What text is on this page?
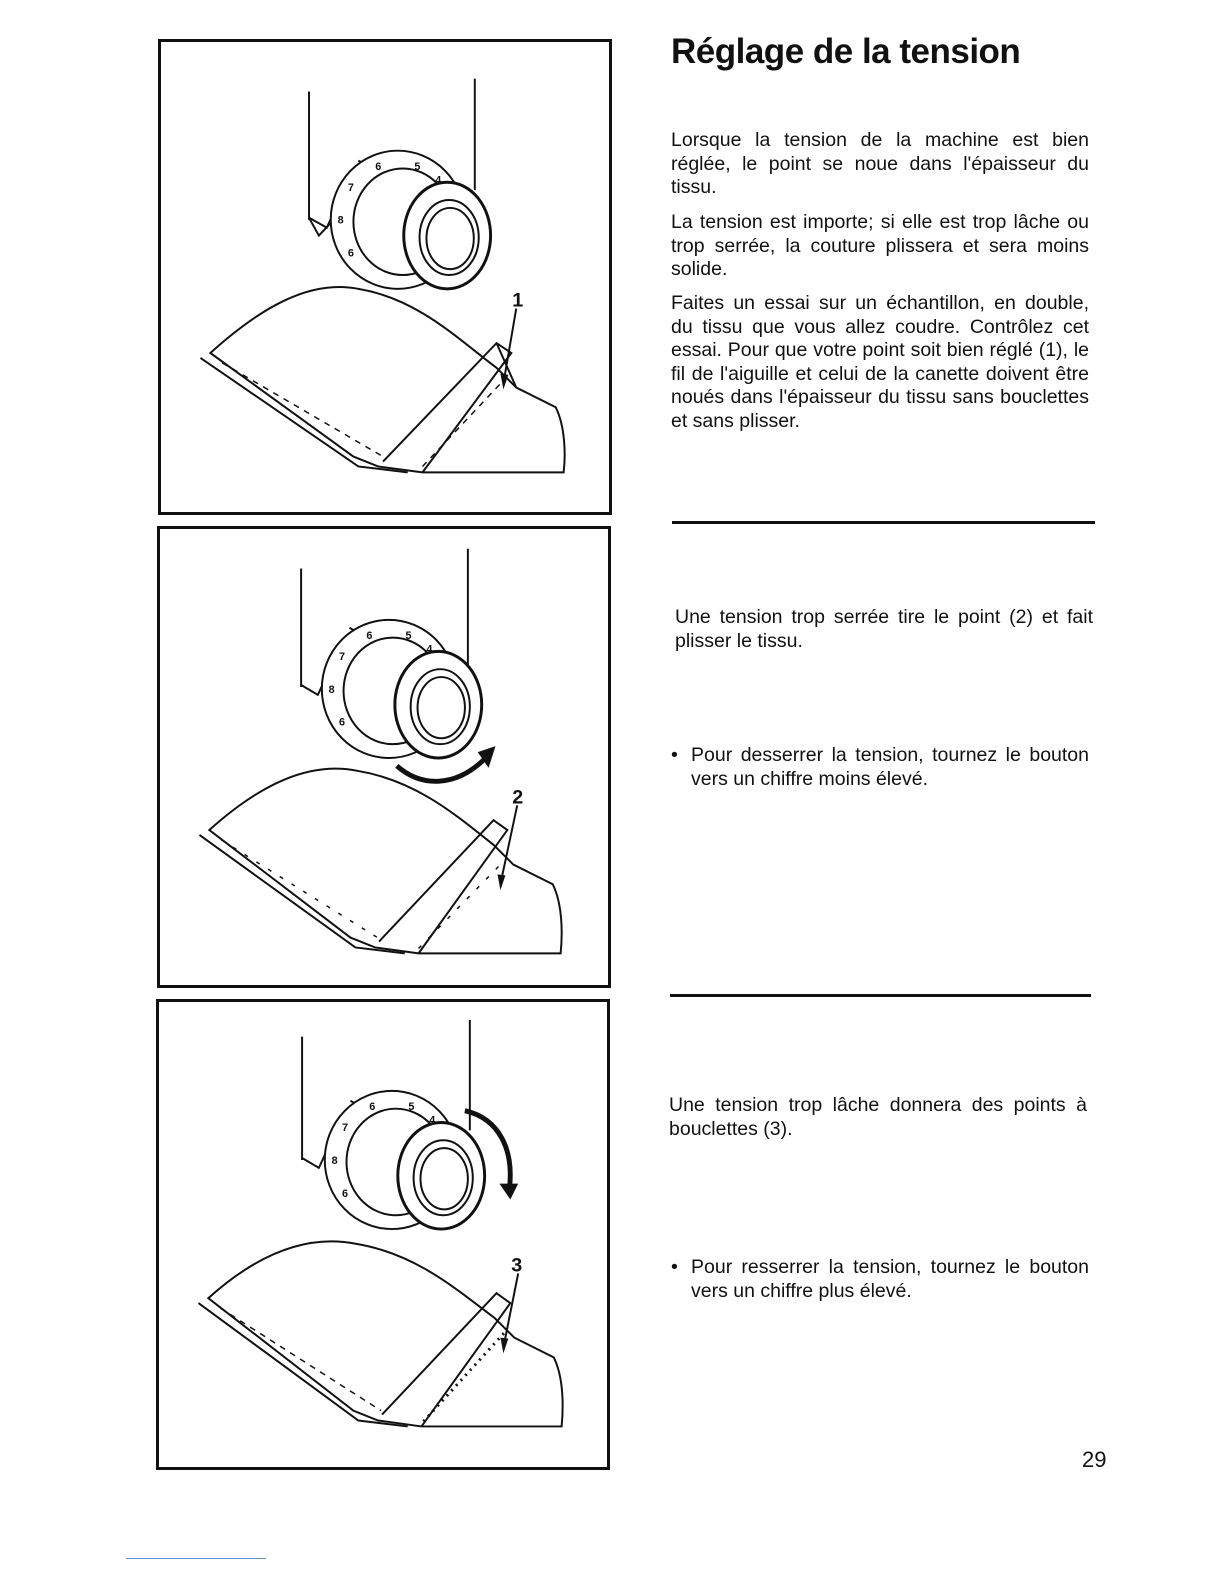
1
5
4
6
7
8
6
2
5
4
6
7
8
6
3
5
4
6
7
8
6
Réglage de la tension

Lorsque la tension de la machine est bien réglée, le point se noue dans l'épaisseur du tissu.

La tension est importe; si elle est trop lâche ou trop serrée, la couture plissera et sera moins solide.

Faites un essai sur un échantillon, en double, du tissu que vous allez coudre. Contrôlez cet essai. Pour que votre point soit bien réglé (1), le fil de l'aiguille et celui de la canette doivent être noués dans l'épaisseur du tissu sans bouclettes et sans plisser.

Une tension trop serrée tire le point (2) et fait plisser le tissu.

• Pour desserrer la tension, tournez le bouton vers un chiffre moins élevé.

Une tension trop lâche donnera des points à bouclettes (3).

• Pour resserrer la tension, tournez le bouton vers un chiffre plus élevé.

29
